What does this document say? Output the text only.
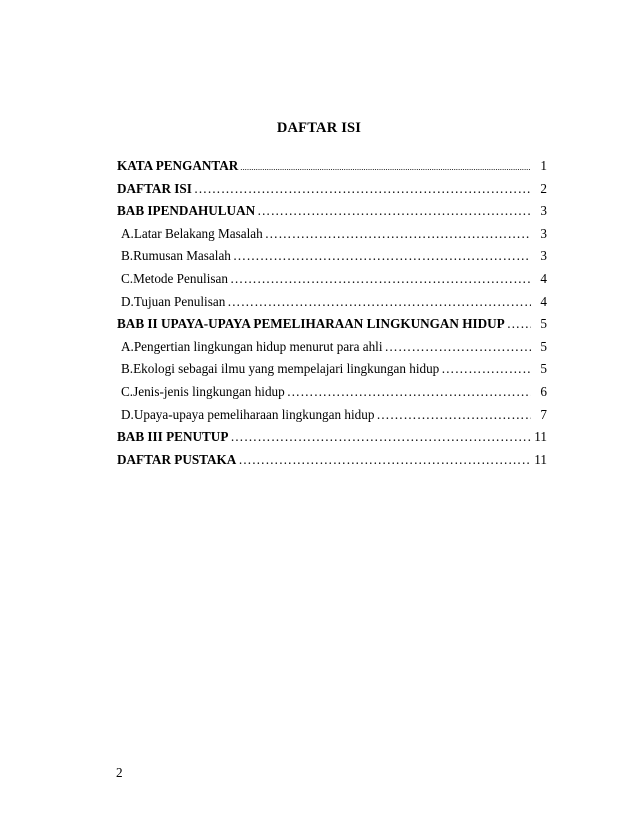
DAFTAR ISI
KATA PENGANTAR .....	1
DAFTAR ISI ………………………………………………………………………………………………………………………………	2
BAB I PENDAHULUAN ………………………………………………………………………………………………………………………………	3
A. Latar Belakang Masalah ………………………………………………………………………………………………………………………………	3
B. Rumusan Masalah ………………………………………………………………………………………………………………………………	3
C. Metode Penulisan ………………………………………………………………………………………………………………………………	4
D. Tujuan Penulisan ………………………………………………………………………………………………………………………………	4
BAB II UPAYA-UPAYA PEMELIHARAAN LINGKUNGAN HIDUP ………………………………………………………………………………………………………………………………	5
A. Pengertian lingkungan hidup menurut para ahli ………………………………………………………………………………………………………………………………	5
B. Ekologi sebagai ilmu yang mempelajari lingkungan hidup ………………………………………………………………………………………………………………………………	5
C. Jenis-jenis lingkungan hidup ………………………………………………………………………………………………………………………………	6
D. Upaya-upaya pemeliharaan lingkungan hidup ………………………………………………………………………………………………………………………………	7
BAB III PENUTUP ………………………………………………………………………………………………………………………………	11
DAFTAR PUSTAKA ………………………………………………………………………………………………………………………………	11
2
